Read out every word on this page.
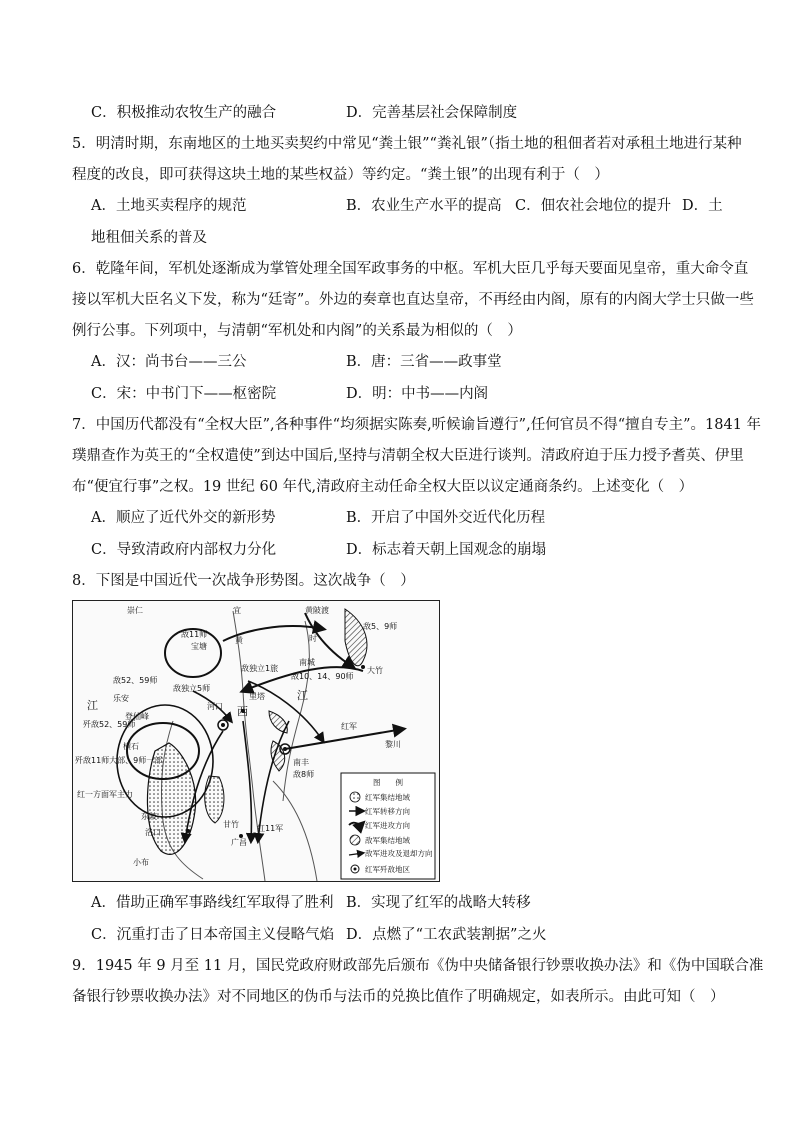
C．积极推动农牧生产的融合	D．完善基层社会保障制度
5．明清时期，东南地区的土地买卖契约中常见“粪土银”“粪礼银”（指土地的租佃者若对承租土地进行某种
程度的改良，即可获得这块土地的某些权益）等约定。“粪土银”的出现有利于（　）
A．土地买卖程序的规范	B．农业生产水平的提高 C．佃农社会地位的提升 D．土
地租佃关系的普及
6．乾隆年间，军机处逐渐成为掌管处理全国军政事务的中枢。军机大臣几乎每天要面见皇帝，重大命令直
接以军机大臣名义下发，称为“廷寄”。外边的奏章也直达皇帝，不再经由内阁，原有的内阁大学士只做一些
例行公事。下列项中，与清朝“军机处和内阁”的关系最为相似的（　）
A．汉：尚书台——三公	B．唐：三省——政事堂
C．宋：中书门下——枢密院	D．明：中书——内阁
7．中国历代都没有“全权大臣”,各种事件“均须据实陈奏,听候谕旨遵行”,任何官员不得“擅自专主”。1841 年
璞鼎查作为英王的“全权遣使”到达中国后,坚持与清朝全权大臣进行谈判。清政府迫于压力授予耆英、伊里
布“便宜行事”之权。19 世纪 60 年代,清政府主动任命全权大臣以议定通商条约。上述变化（　）
A．顺应了近代外交的新形势	B．开启了中国外交近代化历程
C．导致清政府内部权力分化	D．标志着天朝上国观念的崩塌
8．下图是中国近代一次战争形势图。这次战争（　）
崇仁	宜
黄
黄陂渡
敌5、9师
敌11师
宝塘
敌独立1旅
南城
大竹
敌10、14、90师
敌52、59师
敌独立5师
乐安
江
登仙峰
歼敌52、59师
时
江
西
里塔
河口
红军
黎川
横石
歼敌11师大部、9师一部	南丰
敌8师
红一方面军主力
东陂
洛口
小布
甘竹 红11军
广昌
图　　例
红军集结地域
红军转移方向
红军进攻方向
敌军集结地域
敌军进攻及退却方向
红军歼敌地区
A．借助正确军事路线红军取得了胜利 B．实现了红军的战略大转移
C．沉重打击了日本帝国主义侵略气焰 D．点燃了“工农武装割据”之火
9．1945 年 9 月至 11 月，国民党政府财政部先后颁布《伪中央储备银行钞票收换办法》和《伪中国联合准
备银行钞票收换办法》对不同地区的伪币与法币的兑换比值作了明确规定，如表所示。由此可知（　）
